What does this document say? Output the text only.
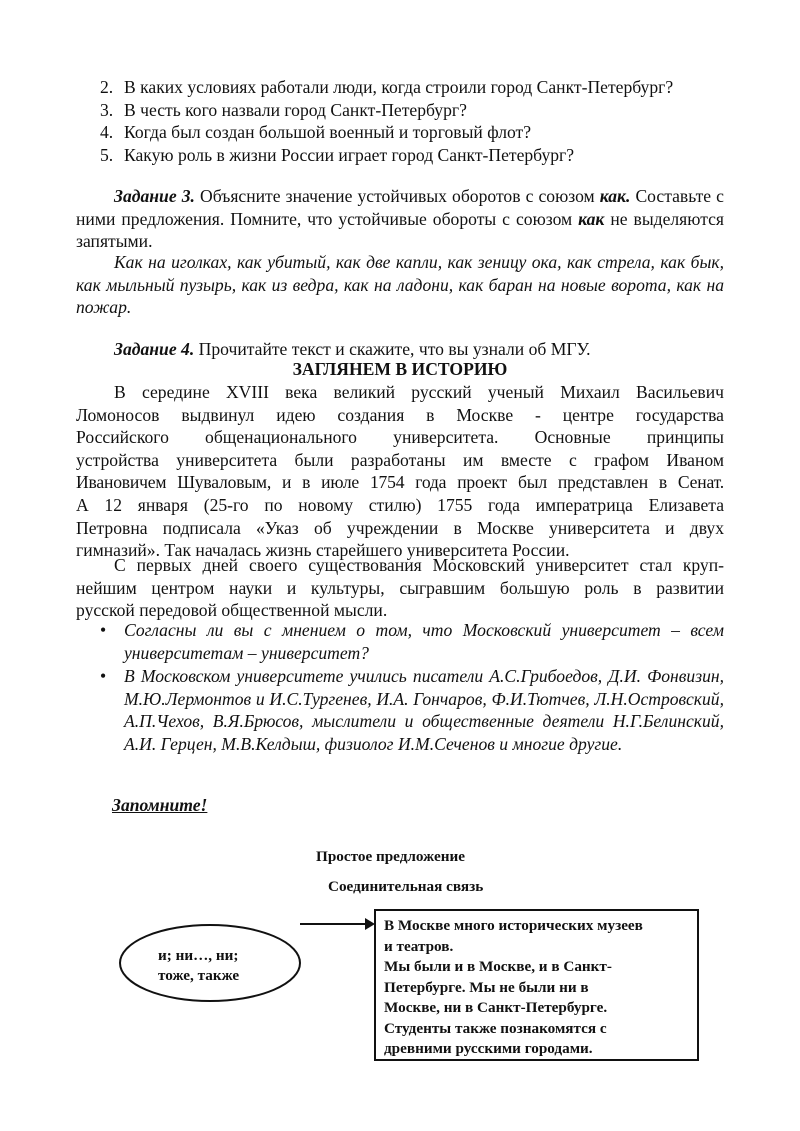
2. В каких условиях работали люди, когда строили город Санкт-Петербург?
3. В честь кого назвали город Санкт-Петербург?
4. Когда был создан большой военный и торговый флот?
5. Какую роль в жизни России играет город Санкт-Петербург?
Задание 3. Объясните значение устойчивых оборотов с союзом как. Составьте с ними предложения. Помните, что устойчивые обороты с союзом как не выделяются запятыми.
Как на иголках, как убитый, как две капли, как зеницу ока, как стрела, как бык, как мыльный пузырь, как из ведра, как на ладони, как баран на новые ворота, как на пожар.
Задание 4. Прочитайте текст и скажите, что вы узнали об МГУ.
ЗАГЛЯНЕМ В ИСТОРИЮ
В середине XVIII века великий русский ученый Михаил Васильевич
Ломоносов выдвинул идею создания в Москве - центре государства
Российского общенационального университета. Основные принципы
устройства университета были разработаны им вместе с графом Иваном
Ивановичем Шуваловым, и в июле 1754 года проект был представлен в Сенат.
А 12 января (25-го по новому стилю) 1755 года императрица Елизавета
Петровна подписала «Указ об учреждении в Москве университета и двух
гимназий». Так началась жизнь старейшего университета России.
С первых дней своего существования Московский университет стал круп-
нейшим центром науки и культуры, сыгравшим большую роль в развитии
русской передовой общественной мысли.
• Согласны ли вы с мнением о том, что Московский университет – всем университетам – университет?
• В Московском университете учились писатели А.С.Грибоедов, Д.И. Фонвизин, М.Ю.Лермонтов и И.С.Тургенев, И.А. Гончаров, Ф.И.Тютчев, Л.Н.Островский, А.П.Чехов, В.Я.Брюсов, мыслители и общественные деятели Н.Г.Белинский, А.И. Герцен, М.В.Келдыш, физиолог И.М.Сеченов и многие другие.
Запомните!
Простое предложение
Соединительная связь
и; ни…, ни;
тоже, также
В Москве много исторических музеев
и театров.
Мы были и в Москве, и в Санкт-
Петербурге. Мы не были ни в
Москве, ни в Санкт-Петербурге.
Студенты также познакомятся с
древними русскими городами.
